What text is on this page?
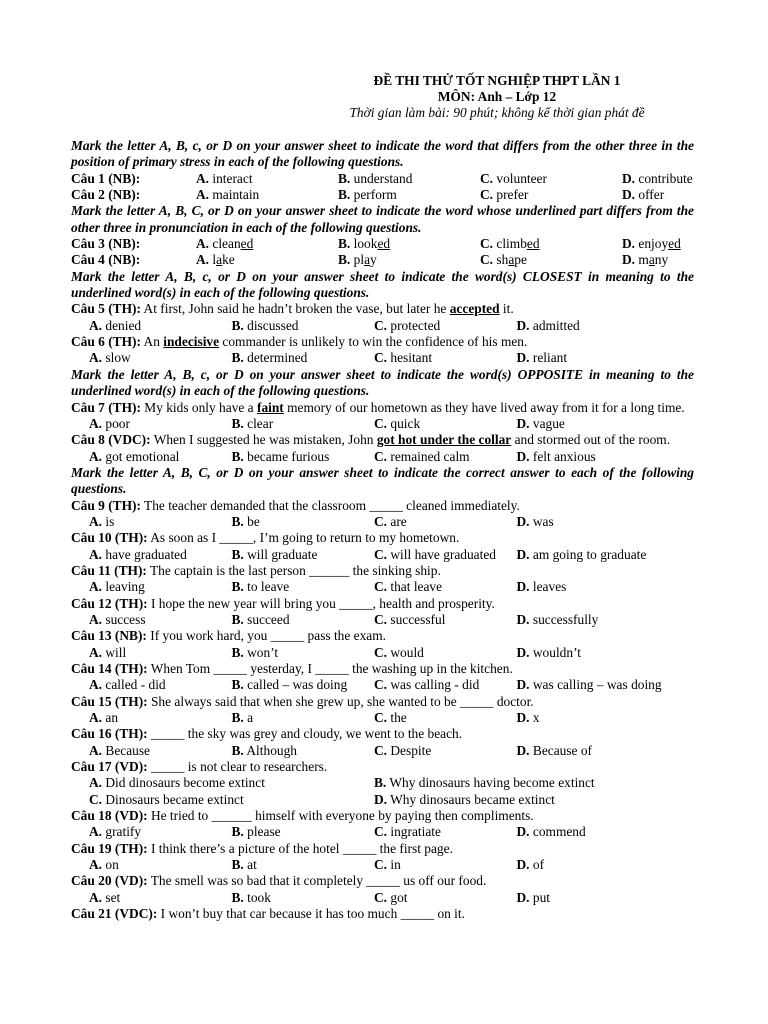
ĐỀ THI THỬ TỐT NGHIỆP THPT LẦN 1
MÔN: Anh – Lớp 12
Thời gian làm bài: 90 phút; không kể thời gian phát đề
Mark the letter A, B, c, or D on your answer sheet to indicate the word that differs from the other three in the position of primary stress in each of the following questions.
Câu 1 (NB):	A. interact	B. understand	C. volunteer	D. contribute
Câu 2 (NB):	A. maintain	B. perform	C. prefer	D. offer
Mark the letter A, B, C, or D on your answer sheet to indicate the word whose underlined part differs from the other three in pronunciation in each of the following questions.
Câu 3 (NB):	A. cleaned	B. looked	C. climbed	D. enjoyed
Câu 4 (NB):	A. lake	B. play	C. shape	D. many
Mark the letter A, B, c, or D on your answer sheet to indicate the word(s) CLOSEST in meaning to the underlined word(s) in each of the following questions.
Câu 5 (TH): At first, John said he hadn’t broken the vase, but later he accepted it.
A. denied	B. discussed	C. protected	D. admitted
Câu 6 (TH): An indecisive commander is unlikely to win the confidence of his men.
A. slow	B. determined	C. hesitant	D. reliant
Mark the letter A, B, c, or D on your answer sheet to indicate the word(s) OPPOSITE in meaning to the underlined word(s) in each of the following questions.
Câu 7 (TH): My kids only have a faint memory of our hometown as they have lived away from it for a long time.
A. poor	B. clear	C. quick	D. vague
Câu 8 (VDC): When I suggested he was mistaken, John got hot under the collar and stormed out of the room.
A. got emotional	B. became furious	C. remained calm	D. felt anxious
Mark the letter A, B, C, or D on your answer sheet to indicate the correct answer to each of the following questions.
Câu 9 (TH): The teacher demanded that the classroom _____ cleaned immediately.
A. is	B. be	C. are	D. was
Câu 10 (TH): As soon as I _____, I’m going to return to my hometown.
A. have graduated	B. will graduate	C. will have graduated	D. am going to graduate
Câu 11 (TH): The captain is the last person ______ the sinking ship.
A. leaving	B. to leave	C. that leave	D. leaves
Câu 12 (TH): I hope the new year will bring you _____, health and prosperity.
A. success	B. succeed	C. successful	D. successfully
Câu 13 (NB): If you work hard, you _____ pass the exam.
A. will	B. won’t	C. would	D. wouldn’t
Câu 14 (TH): When Tom _____ yesterday, I _____ the washing up in the kitchen.
A. called - did	B. called – was doing	C. was calling - did	D. was calling – was doing
Câu 15 (TH): She always said that when she grew up, she wanted to be _____ doctor.
A. an	B. a	C. the	D. x
Câu 16 (TH): _____ the sky was grey and cloudy, we went to the beach.
A. Because	B. Although	C. Despite	D. Because of
Câu 17 (VD): _____ is not clear to researchers.
A. Did dinosaurs become extinct	B. Why dinosaurs having become extinct
C. Dinosaurs became extinct	D. Why dinosaurs became extinct
Câu 18 (VD): He tried to ______ himself with everyone by paying then compliments.
A. gratify	B. please	C. ingratiate	D. commend
Câu 19 (TH): I think there’s a picture of the hotel _____ the first page.
A. on	B. at	C. in	D. of
Câu 20 (VD): The smell was so bad that it completely _____ us off our food.
A. set	B. took	C. got	D. put
Câu 21 (VDC): I won’t buy that car because it has too much _____ on it.
